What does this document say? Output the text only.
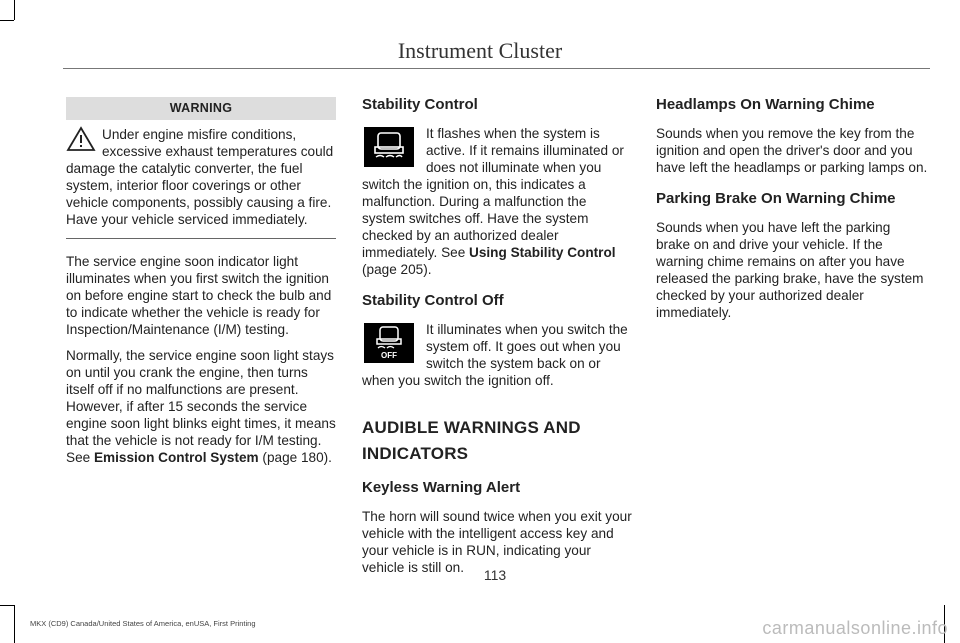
Instrument Cluster
WARNING
Under engine misfire conditions, excessive exhaust temperatures could damage the catalytic converter, the fuel system, interior floor coverings or other vehicle components, possibly causing a fire. Have your vehicle serviced immediately.

The service engine soon indicator light illuminates when you first switch the ignition on before engine start to check the bulb and to indicate whether the vehicle is ready for Inspection/Maintenance (I/M) testing.

Normally, the service engine soon light stays on until you crank the engine, then turns itself off if no malfunctions are present. However, if after 15 seconds the service engine soon light blinks eight times, it means that the vehicle is not ready for I/M testing. See Emission Control System (page 180).

Stability Control

It flashes when the system is active. If it remains illuminated or does not illuminate when you switch the ignition on, this indicates a malfunction. During a malfunction the system switches off. Have the system checked by an authorized dealer immediately. See Using Stability Control (page 205).

Stability Control Off

OFF
It illuminates when you switch the system off. It goes out when you switch the system back on or when you switch the ignition off.

AUDIBLE WARNINGS AND
INDICATORS
Keyless Warning Alert

The horn will sound twice when you exit your vehicle with the intelligent access key and your vehicle is in RUN, indicating your vehicle is still on.

Headlamps On Warning Chime

Sounds when you remove the key from the ignition and open the driver's door and you have left the headlamps or parking lamps on.

Parking Brake On Warning Chime

Sounds when you have left the parking brake on and drive your vehicle. If the warning chime remains on after you have released the parking brake, have the system checked by your authorized dealer immediately.

113
MKX (CD9) Canada/United States of America, enUSA, First Printing	carmanualsonline.info
